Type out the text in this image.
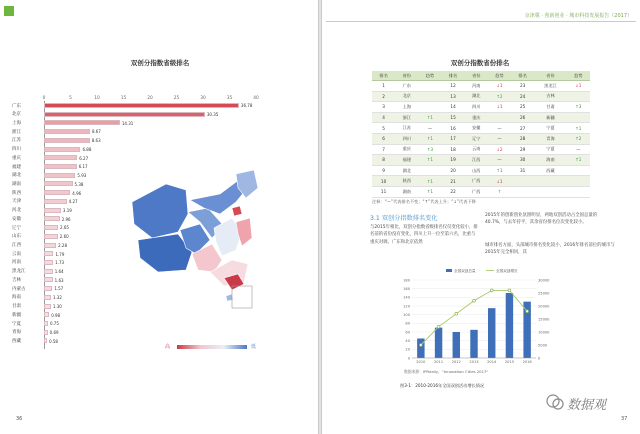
双创分指数省级排名
0	5	10	15	20	25	30	35	40
广东	36.78
北京	30.35
上海	14.31
浙江	8.67
江苏	8.63
四川	6.88
重庆	6.27
福建	6.17
湖北	5.93
湖南	5.38
陕西	4.96
天津	4.27
河北	3.19
安徽	2.96
辽宁	2.65
山东	2.60
江西	2.28
云南	1.79
河南	1.73
黑龙江	1.64
吉林	1.63
内蒙古	1.57
海南	1.32
甘肃	1.30
新疆	0.98
宁夏	0.75
青海	0.69
西藏	0.58
高	低
36
京津冀 · 创新创业 · 城市科技发展报告（2017）
双创分指数省份排名
排名	省份	趋势	排名	省份	趋势	排名	省份	趋势
1	广东		12	河南	↓1	23	黑龙江	↓1
2	北京		13	湖北	↑2	24	吉林	
3	上海		14	四川	↓1	25	甘肃	↑3
4	浙江	↑1	15	重庆		26	新疆	
5	江苏	—	16	安徽	—	27	宁夏	↑1
6	四川	↑1	17	辽宁	—	28	青海	↑2
7	重庆	↑3	18	云南	↓2	29	宁夏	—
8	福建	↑1	19	江西	—	30	海南	↑1
9	湖北		20	山西	↑1	31	西藏	
10	陕西	↑1	21	广西	↓1			
11	湖南	↑1	22	广西	↑			
注释：“—”代表排名不变；“↑”代表上升；“↓”代表下降
3.1 双创分指数排名变化
与2015年相比，双创分指数省级排名仅仅变化较小，排名前的省份没有变化，四川上升一位至第六名，比重与重庆对调。广东和北京依然
2015年的创新创业氛围明显，两地双创活动占全国总量的40.7%，与去年持平，其余省份排名位次变化较小。
城市排名方面，头部城市排名变化较小，2016年排名前位的城市与2015年完全相同，其
0
20
40
60
80
100
120
140
160
180
0
5000
10000
15000
20000
25000
30000
2010 2011 2012 2013 2014 2015 2016
全国双创总量	全国双创增长
数据来源：IPRdaily、"Innovation Cities 2017"
图3-1：2010-2016年全国双创活动增长情况
37
数据观
